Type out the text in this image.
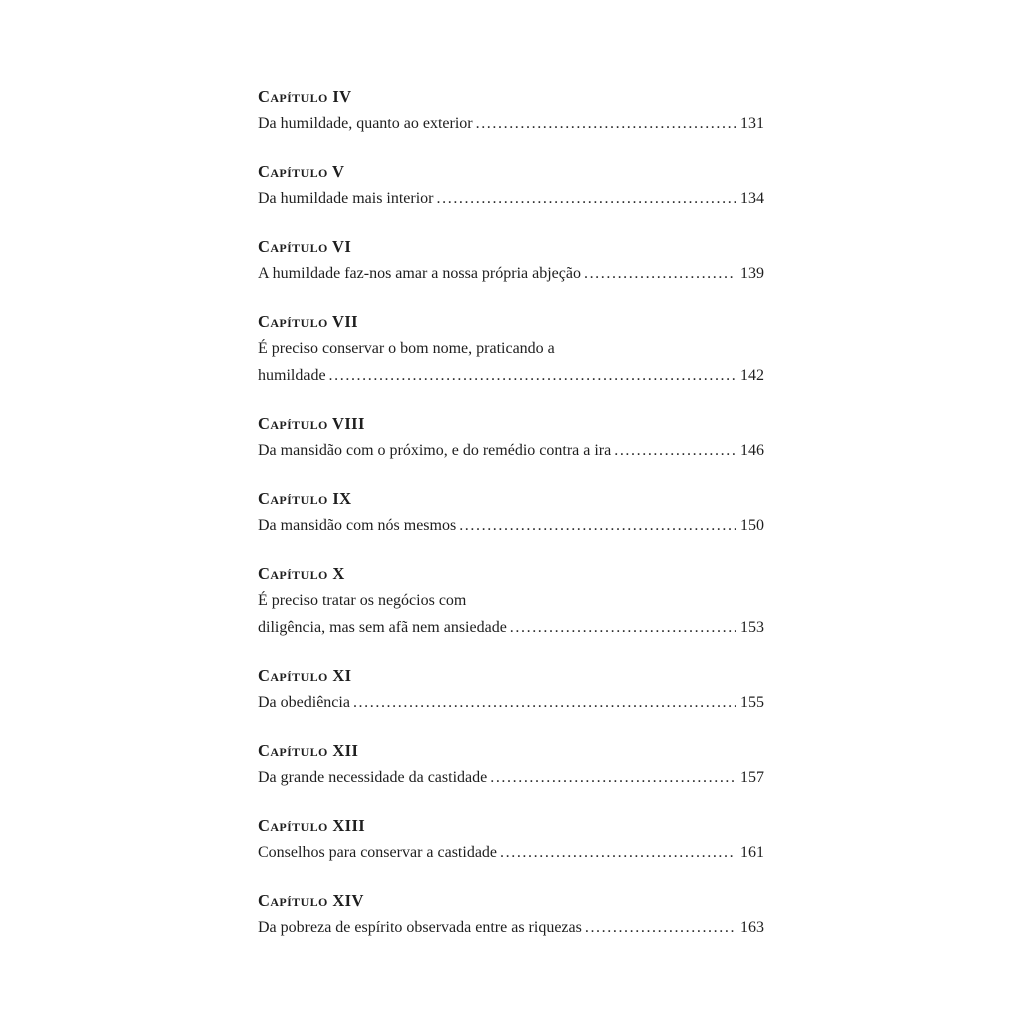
Capítulo IV
Da humildade, quanto ao exterior .....	131
Capítulo V
Da humildade mais interior .....	134
Capítulo VI
A humildade faz-nos amar a nossa própria abjeção .....	139
Capítulo VII
É preciso conservar o bom nome, praticando a
humildade .....	142
Capítulo VIII
Da mansidão com o próximo, e do remédio contra a ira .....	146
Capítulo IX
Da mansidão com nós mesmos .....	150
Capítulo X
É preciso tratar os negócios com
diligência, mas sem afã nem ansiedade .....	153
Capítulo XI
Da obediência .....	155
Capítulo XII
Da grande necessidade da castidade .....	157
Capítulo XIII
Conselhos para conservar a castidade .....	161
Capítulo XIV
Da pobreza de espírito observada entre as riquezas .....	163
